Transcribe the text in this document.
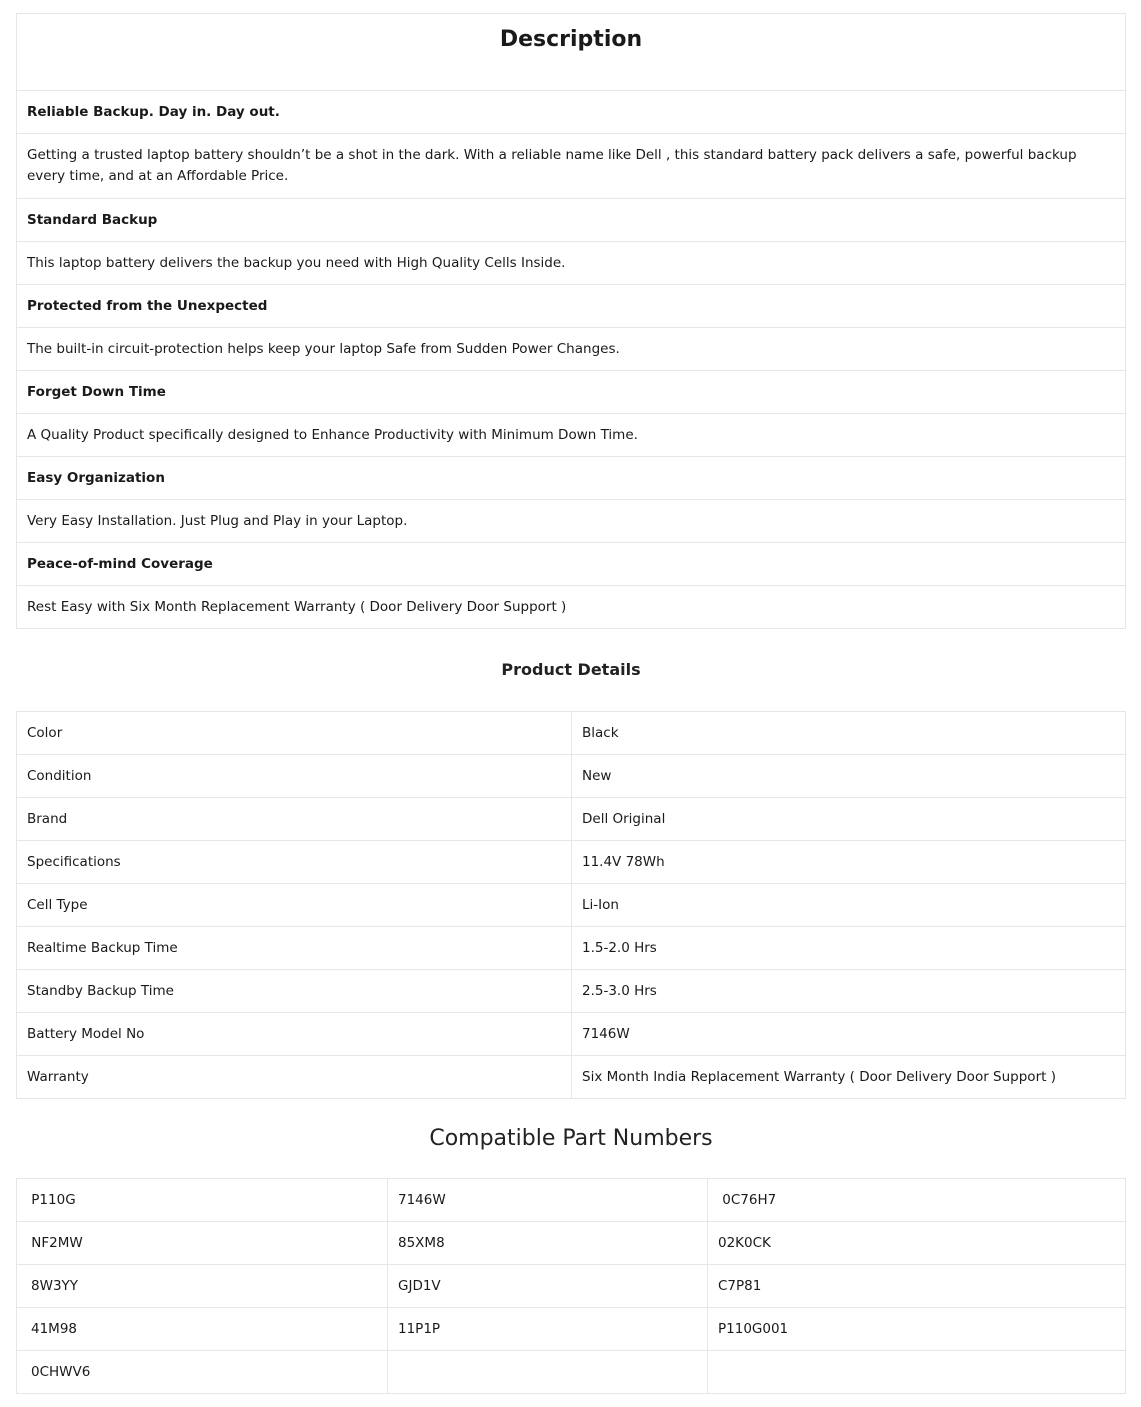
Description
Reliable Backup. Day in. Day out.
Getting a trusted laptop battery shouldn’t be a shot in the dark. With a reliable name like Dell , this standard battery pack delivers a safe, powerful backup every time, and at an Affordable Price.
Standard Backup
This laptop battery delivers the backup you need with High Quality Cells Inside.
Protected from the Unexpected
The built-in circuit-protection helps keep your laptop Safe from Sudden Power Changes.
Forget Down Time
A Quality Product specifically designed to Enhance Productivity with Minimum Down Time.
Easy Organization
Very Easy Installation. Just Plug and Play in your Laptop.
Peace-of-mind Coverage
Rest Easy with Six Month Replacement Warranty ( Door Delivery Door Support )
Product Details
Color	Black
Condition	New
Brand	Dell Original
Specifications	11.4V 78Wh
Cell Type	Li-Ion
Realtime Backup Time	1.5-2.0 Hrs
Standby Backup Time	2.5-3.0 Hrs
Battery Model No	7146W
Warranty	Six Month India Replacement Warranty ( Door Delivery Door Support )
Compatible Part Numbers
P110G	7146W	0C76H7
NF2MW	85XM8	02K0CK
8W3YY	GJD1V	C7P81
41M98	11P1P	P110G001
0CHWV6		
